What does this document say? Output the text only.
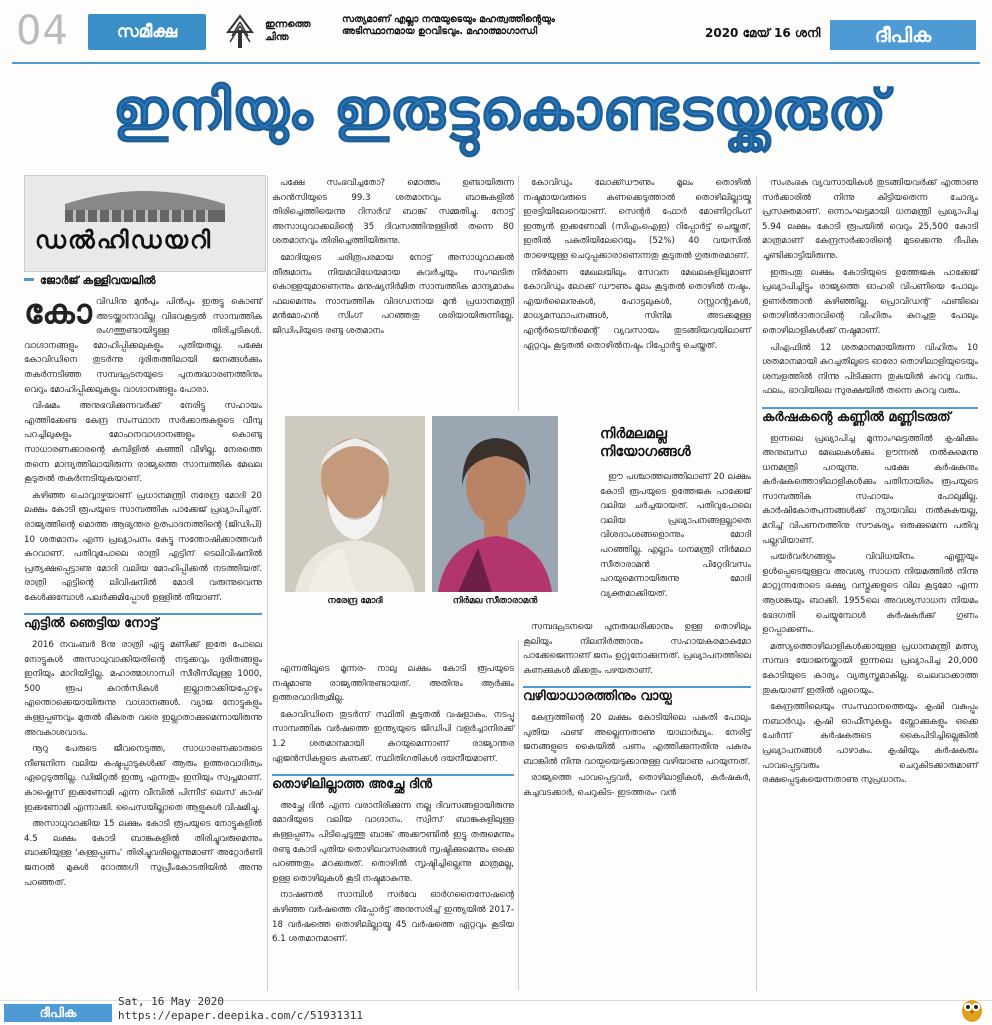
04	സമീക്ഷ	ഇന്നത്തെ ചിന്ത
സത്യമാണ് എല്ലാ നന്മയുടെയും മഹത്വത്തിന്റെയും അടിസ്ഥാനമായ ഉറവിടവും. മഹാത്മാഗാന്ധി	2020 മേയ് 16 ശനി	ദീപിക
ഇനിയും ഇരുട്ടുകൊണ്ടടയ്ക്കരുത്
ഡൽഹിഡയറി
ജോർജ് കള്ളിവയലിൽ

കോവിഡിനു മുൻപും പിൻപും ഇരുട്ടു കൊണ്ട് അടയ്ക്കാനാവില്ല വിഭവകൂട്ടൽ സാമ്പത്തിക രംഗത്തുണ്ടായിട്ടുള്ള തിരിച്ചടികൾ. വാഗ്ദാനങ്ങളും മോഹിപ്പിക്കലുകളും പുതിയതല്ല. പക്ഷേ കോവിഡിനെ തുടർന്നു ദുരിതത്തിലായി ജനങ്ങൾക്കും തകർന്നടിഞ്ഞ സമ്പദ്ഘടനയുടെ പുനരുദ്ധാരണത്തിനും വെറും മോഹിപ്പിക്കലുകളും വാഗ്ദാനങ്ങളും പോരാ.

വിഷമം അനുഭവിക്കുന്നവർക്ക് നേരിട്ടു സഹായം എത്തിക്കേണ്ട കേന്ദ്ര സംസ്ഥാന സർക്കാരുകളുടെ വീമ്പു പറച്ചിലുകളും മോഹനവാഗ്ദാനങ്ങളും കൊണ്ടു സാധാരണക്കാരന്റെ കുമ്പിളിൽ കഞ്ഞി വീഴില്ല. നേരത്തെ തന്നെ മാന്ദ്യത്തിലായിരുന്ന രാജ്യത്തെ സാമ്പത്തിക മേഖല കൂടുതൽ തകർന്നടിയുകയാണ്.

കഴിഞ്ഞ ചൊവ്വാഴ്ചയാണ് പ്രധാനമന്ത്രി നരേന്ദ്ര മോദി 20 ലക്ഷം കോടി രൂപയുടെ സാമ്പത്തിക പാക്കേജ് പ്രഖ്യാപിച്ചത്. രാജ്യത്തിന്റെ മൊത്ത ആഭ്യന്തര ഉത്പാദനത്തിന്റെ (ജിഡിപി) 10 ശതമാനം എന്ന പ്രഖ്യാപനം കേട്ടു സന്തോഷിക്കാത്തവർ കുറവാണ്. പതിവുപോലെ രാത്രി എട്ടിന് ടെലിവിഷനിൽ പ്രത്യക്ഷപ്പെട്ടാണു മോദി വലിയ മോഹിപ്പിക്കൽ നടത്തിയത്. രാത്രി എട്ടിന്റെ ലിവിഷനിൽ മോദി വരുന്നുവെന്നു കേൾക്കുമ്പോൾ പലർക്കുമിപ്പോൾ ഉള്ളിൽ തീയാണ്.

എട്ടിൽ ഞെട്ടിയ നോട്ട്

2016 നവംബർ 8നു രാത്രി എട്ടു മണിക്ക് ഇതേ പോലെ നോട്ടുകൾ അസാധുവാക്കിയതിന്റെ നടുക്കവും ദുരിതങ്ങളും ഇനിയും മാറിയിട്ടില്ല. മഹാത്മാഗാന്ധി സീരീസിലുള്ള 1000, 500 രൂപ കറൻസികൾ ഇല്ലാതാക്കിയപ്പോഴും എന്തൊക്കെയായിരുന്നു വാഗ്ദാനങ്ങൾ. വ്യാജ നോട്ടുകളും കള്ളപ്പണവും മുതൽ ഭീകരത വരെ ഇല്ലാതാക്കുമെന്നായിരുന്നു അവകാശവാദം.

നൂറു പേരുടെ ജീവനെടുത്ത, സാധാരണക്കാരുടെ നീണ്ടനിന്ന വലിയ കഷ്ടപ്പാടുകൾക്ക് ആരും ഉത്തരവാദിത്വം ഏറ്റെടുത്തില്ല. ഡിജിറ്റൽ ഇന്ത്യ എന്നതും ഇനിയും സ്വപ്നമാണ്. കാഷ്ലെസ് ഇക്കണോമി എന്ന വീമ്പിൽ പിന്നീട് ലെസ് കാഷ് ഇക്കണോമി എന്നാക്കി. പൈസയില്ലാതെ ആളുകൾ വിഷമിച്ചു.

അസാധുവാക്കിയ 15 ലക്ഷം കോടി രൂപയുടെ നോട്ടുകളിൽ 4.5 ലക്ഷം കോടി ബാങ്കുകളിൽ തിരിച്ചുവരുമെന്നും ബാക്കിയുള്ള 'കള്ളപ്പണം' തിരിച്ചുവരില്ലെന്നുമാണ് അറ്റോർണി ജനറൽ മുകുൾ റോത്തഗി സുപ്രീംകോടതിയിൽ അന്നു പറഞ്ഞത്.

പക്ഷേ സംഭവിച്ചതോ? മൊത്തം ഉണ്ടായിരുന്ന കറൻസിയുടെ 99.3 ശതമാനവും ബാങ്കുകളിൽ തിരിച്ചെത്തിയെന്നു റിസർവ് ബാങ്ക് സമ്മതിച്ചു. നോട്ട് അസാധുവാക്കലിന്റെ 35 ദിവസത്തിനുള്ളിൽ തന്നെ 80 ശതമാനവും തിരിച്ചെത്തിയിരുന്നു.

മോദിയുടെ ചരിത്രപരമായ നോട്ട് അസാധുവാക്കൽ തീരുമാനം നിയമവിധേയമായ കവർച്ചയും സംഘടിത കൊള്ളയുമാണെന്നും മനുഷ്യനിർമിത സാമ്പത്തിക മാന്ദ്യമാകും ഫലമെന്നും സാമ്പത്തിക വിദഗ്ധനായ മുൻ പ്രധാനമന്ത്രി മൻമോഹൻ സിംഗ് പറഞ്ഞതു ശരിയായിരുന്നില്ലേ. ജിഡിപിയുടെ രണ്ടു ശതമാനം

നരേന്ദ്ര മോദി	നിർമല സീതാരാമൻ

എന്നതിലൂടെ മൂന്നര- നാലു ലക്ഷം കോടി രൂപയുടെ നഷ്ടമാണു രാജ്യത്തിനുണ്ടായത്. അതിനും ആർക്കും ഉത്തരവാദിത്വമില്ല.

കോവിഡിനെ തുടർന്ന് സ്ഥിതി കൂടുതൽ വഷളാകും. നടപ്പു സാമ്പത്തിക വർഷത്തെ ഇന്ത്യയുടെ ജിഡിപി വളർച്ചാനിരക്ക് 1.2 ശതമാനമായി കുറയുമെന്നാണ് രാജ്യാന്തര ഏജൻസികളുടെ കണക്ക്. സ്ഥിതിഗതികൾ ദയനീയമാണ്.

തൊഴിലില്ലാത്ത അച്ഛേ ദിൻ

അച്ഛേ ദിൻ എന്ന വരാനിരിക്കുന്ന നല്ല ദിവസങ്ങളായിരുന്നു മോദിയുടെ വലിയ വാഗ്ദാനം. സ്വിസ് ബാങ്കുകളിലുള്ള കള്ളപ്പണം പിടിച്ചെടുത്തു ബാങ്ക് അക്കൗണ്ടിൽ ഇട്ടു തരുമെന്നും രണ്ടു കോടി പുതിയ തൊഴിലവസരങ്ങൾ സൃഷ്ടിക്കുമെന്നും ഒക്കെ പറഞ്ഞതും മറക്കരുത്. തൊഴിൽ സൃഷ്ടിച്ചില്ലെന്നു മാത്രമല്ല, ഉള്ള തൊഴിലുകൾ കൂടി നഷ്ടമാകുന്നു.

നാഷണൽ സാമ്പിൾ സർവേ ഓർഗനൈസേഷന്റെ കഴിഞ്ഞ വർഷത്തെ റിപ്പോർട്ട് അനുസരിച്ച് ഇന്ത്യയിൽ 2017-18 വർഷത്തെ തൊഴിലില്ലായ്മ 45 വർഷത്തെ ഏറ്റവും കൂടിയ 6.1 ശതമാനമാണ്.

കോവിഡും ലോക്ക്ഡൗണും മൂലം തൊഴിൽ നഷ്ടമായവരുടെ കണക്കെടുത്താൽ തൊഴിലില്ലായ്മ ഇരട്ടിയിലേറെയാണ്. സെന്റർ ഫോർ മോണിറ്ററിംഗ് ഇന്ത്യൻ ഇക്കണോമി (സിഎംഐഇ) റിപ്പോർട്ട് ചെയ്തത്, ഇതിൽ പകുതിയിലേറെയും (52%) 40 വയസിൽ താഴെയുള്ള ചെറുപ്പക്കാരാണെന്നതു കൂടുതൽ ഗുരുതരമാണ്.

നിർമാണ മേഖലയിലും സേവന മേഖലകളിലുമാണ് കോവിഡും ലോക്ക് ഡൗണും മൂലം കൂടുതൽ തൊഴിൽ നഷ്ടം. എയർലൈനുകൾ, ഹോട്ടലുകൾ, റസ്റ്ററന്റുകൾ, മാധ്യമസ്ഥാപനങ്ങൾ, സിനിമ അടക്കമുള്ള എന്റർടെയ്ൻമെന്റ് വ്യവസായം തുടങ്ങിയവയിലാണ് ഏറ്റവും കൂടുതൽ തൊഴിൽനഷ്ടം റിപ്പോർട്ടു ചെയ്തത്.

നിർമലമല്ല നിയോഗങ്ങൾ

ഈ പശ്ചാത്തലത്തിലാണ് 20 ലക്ഷം കോടി രൂപയുടെ ഉത്തേജക പാക്കേജ് വലിയ ചർച്ചയായത്. പതിവുപോലെ വലിയ പ്രഖ്യാപനങ്ങളല്ലാതെ വിശദാംശങ്ങളൊന്നും മോദി പറഞ്ഞില്ല. എല്ലാം ധനമന്ത്രി നിർമലാ സീതാരാമൻ പിറ്റേദിവസം പറയുമെന്നായിരുന്നു മോദി വ്യക്തമാക്കിയത്.

സമ്പദ്ഘടനയെ പുനരുദ്ധരിക്കാനും ഉള്ള തൊഴിലും കൂലിയും നിലനിർത്താനും സഹായകരമാകുമോ പാക്കേജെന്നാണ് ജനം ഉറ്റുനോക്കുന്നത്. പ്രഖ്യാപനത്തിലെ കണക്കുകൾ മിക്കതും പഴയതാണ്.

വഴിയാധാരത്തിനും വായ്പ

കേന്ദ്രത്തിന്റെ 20 ലക്ഷം കോടിയിലെ പകുതി പോലും പുതിയ ഫണ്ട് അല്ലെന്നതാണു യാഥാർഥ്യം. നേരിട്ട് ജനങ്ങളുടെ കൈയിൽ പണം എത്തിക്കുന്നതിനു പകരം ബാങ്കിൽ നിന്നു വായ്പയെടുക്കാനുള്ള വഴിയാണു പറയുന്നത്.

രാജ്യത്തെ പാവപ്പെട്ടവർ, തൊഴിലാളികൾ, കർഷകർ, കച്ചവടക്കാർ, ചെറുകിട- ഇടത്തരം- വൻ

സംരംഭക വ്യവസായികൾ തുടങ്ങിയവർക്ക് എന്താണു സർക്കാരിൽ നിന്നു കിട്ടിയതെന്ന ചോദ്യം പ്രസക്തമാണ്. ഒന്നാംഘട്ടമായി ധനമന്ത്രി പ്രഖ്യാപിച്ച 5.94 ലക്ഷം കോടി രൂപയിൽ വെറും 25,500 കോടി മാത്രമാണ് കേന്ദ്രസർക്കാരിന്റെ മുടക്കെന്നു ദീപിക ചൂണ്ടിക്കാട്ടിയിരുന്നു.

ഇരുപതു ലക്ഷം കോടിയുടെ ഉത്തേജക പാക്കേജ് പ്രഖ്യാപിച്ചിട്ടും രാജ്യത്തെ ഓഹരി വിപണിയെ പോലും ഉണർത്താൻ കഴിഞ്ഞില്ല. പ്രൊവിഡന്റ് ഫണ്ടിലെ തൊഴിൽദാതാവിന്റെ വിഹിതം കുറച്ചതു പോലും തൊഴിലാളികൾക്ക് നഷ്ടമാണ്.

പിഎഫിൽ 12 ശതമാനമായിരുന്ന വിഹിതം 10 ശതമാനമായി കുറച്ചതിലൂടെ ഓരോ തൊഴിലാളിയുടെയും ശമ്പളത്തിൽ നിന്നു പിടിക്കുന്ന തുകയിൽ കുറവു വരും. ഫലം, ഭാവിയിലെ സുരക്ഷയിൽ തന്നെ കുറവു വരും.

കർഷകന്റെ കണ്ണിൽ മണ്ണിടരുത്

ഇന്നലെ പ്രഖ്യാപിച്ച മൂന്നാംഘട്ടത്തിൽ കൃഷിക്കും അനുബന്ധ മേഖലകൾക്കും ഊന്നൽ നൽകുമെന്നു ധനമന്ത്രി പറയുന്നു. പക്ഷേ കർഷകനും കർഷകത്തൊഴിലാളികൾക്കും പതിനായിരം രൂപയുടെ സാമ്പത്തിക സഹായം പോലുമില്ല. കാർഷികോത്പന്നങ്ങൾക്ക് ന്യായവില നൽകുകയല്ല, മറിച്ച് വിപണനത്തിനു സൗകര്യം ഒരുക്കുമെന്ന പതിവു പല്ലവിയാണ്.

പയർവർഗങ്ങളും വിവിധയിനം എണ്ണയും ഉൾപ്പെടെയുള്ളവ അവശ്യ സാധന നിയമത്തിൽ നിന്നു മാറ്റുന്നതോടെ ഭക്ഷ്യ വസ്തുക്കളുടെ വില കൂടുമോ എന്ന ആശങ്കയും ബാക്കി. 1955ലെ അവശ്യസാധന നിയമം ഭേദഗതി ചെയ്യുമ്പോൾ കർഷകർക്ക് ഗുണം ഉറപ്പാക്കണം.

മത്സ്യത്തൊഴിലാളികൾക്കായുള്ള പ്രധാനമന്ത്രി മത്സ്യ സമ്പദ യോജനയ്ക്കായി ഇന്നലെ പ്രഖ്യാപിച്ച 20,000 കോടിയുടെ കാര്യം വ്യത്യസ്തമാകില്ല. ചെലവാക്കാത്ത തുകയാണ് ഇതിൽ ഏറെയും.

കേന്ദ്രത്തിലെയും സംസ്ഥാനത്തെയും കൃഷി വകുപ്പും നബാർഡും കൃഷി ഓഫീസുകളും ബ്ലോക്കുകളും ഒക്കെ ചേർന്ന് കർഷകരുടെ കൈപിടിച്ചില്ലെങ്കിൽ പ്രഖ്യാപനങ്ങൾ പാഴാകും. കൃഷിയും കർഷകരും പാവപ്പെട്ടവരും ചെറുകിടക്കാരുമാണ് രക്ഷപ്പെടുകയെന്നതാണു സുപ്രധാനം.

ദീപിക
Sat, 16 May 2020
https://epaper.deepika.com/c/51931311
